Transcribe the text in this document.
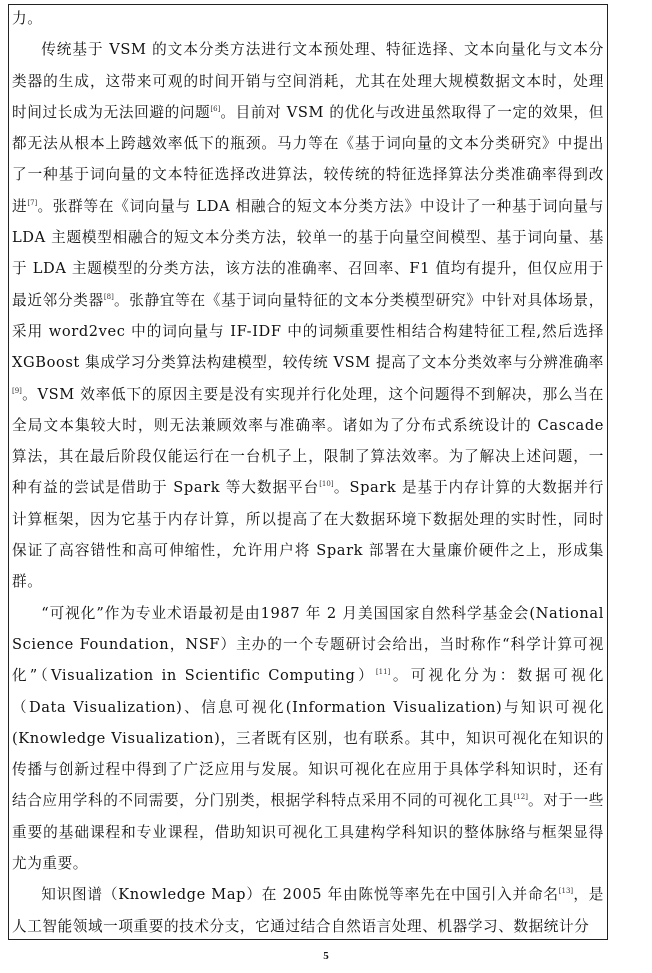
力。

传统基于 VSM 的文本分类方法进行文本预处理、特征选择、文本向量化与文本分类器的生成，这带来可观的时间开销与空间消耗，尤其在处理大规模数据文本时，处理时间过长成为无法回避的问题[6]。目前对 VSM 的优化与改进虽然取得了一定的效果，但都无法从根本上跨越效率低下的瓶颈。马力等在《基于词向量的文本分类研究》中提出了一种基于词向量的文本特征选择改进算法，较传统的特征选择算法分类准确率得到改进[7]。张群等在《词向量与 LDA 相融合的短文本分类方法》中设计了一种基于词向量与 LDA 主题模型相融合的短文本分类方法，较单一的基于向量空间模型、基于词向量、基于 LDA 主题模型的分类方法，该方法的准确率、召回率、F1 值均有提升，但仅应用于最近邻分类器[8]。张静宜等在《基于词向量特征的文本分类模型研究》中针对具体场景，采用 word2vec 中的词向量与 IF-IDF 中的词频重要性相结合构建特征工程,然后选择 XGBoost 集成学习分类算法构建模型，较传统 VSM 提高了文本分类效率与分辨准确率[9]。VSM 效率低下的原因主要是没有实现并行化处理，这个问题得不到解决，那么当在全局文本集较大时，则无法兼顾效率与准确率。诸如为了分布式系统设计的 Cascade 算法，其在最后阶段仅能运行在一台机子上，限制了算法效率。为了解决上述问题，一种有益的尝试是借助于 Spark 等大数据平台[10]。Spark 是基于内存计算的大数据并行计算框架，因为它基于内存计算，所以提高了在大数据环境下数据处理的实时性，同时保证了高容错性和高可伸缩性，允许用户将 Spark 部署在大量廉价硬件之上，形成集群。

“可视化”作为专业术语最初是由1987 年 2 月美国国家自然科学基金会(National Science Foundation，NSF）主办的一个专题研讨会给出，当时称作“科学计算可视化”（Visualization in Scientific Computing）[11]。可视化分为：数据可视化（Data Visualization)、信息可视化(Information Visualization)与知识可视化(Knowledge Visualization)，三者既有区别，也有联系。其中，知识可视化在知识的传播与创新过程中得到了广泛应用与发展。知识可视化在应用于具体学科知识时，还有结合应用学科的不同需要，分门别类，根据学科特点采用不同的可视化工具[12]。对于一些重要的基础课程和专业课程，借助知识可视化工具建构学科知识的整体脉络与框架显得尤为重要。

知识图谱（Knowledge Map）在 2005 年由陈悦等率先在中国引入并命名[13]，是人工智能领域一项重要的技术分支，它通过结合自然语言处理、机器学习、数据统计分

5
